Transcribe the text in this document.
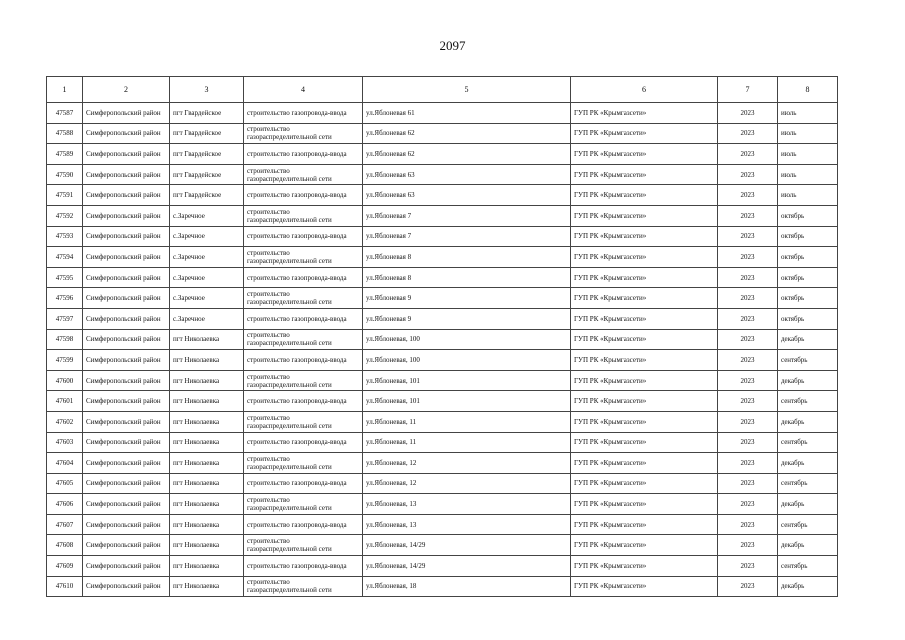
2097
1	2	3	4	5	6	7	8
47587	Симферопольский район	пгт Гвардейское	строительство газопровода-ввода	ул.Яблоневая 61	ГУП РК «Крымгазсети»	2023	июль
47588	Симферопольский район	пгт Гвардейское	строительство газораспределительной сети	ул.Яблоневая 62	ГУП РК «Крымгазсети»	2023	июль
47589	Симферопольский район	пгт Гвардейское	строительство газопровода-ввода	ул.Яблоневая 62	ГУП РК «Крымгазсети»	2023	июль
47590	Симферопольский район	пгт Гвардейское	строительство газораспределительной сети	ул.Яблоневая 63	ГУП РК «Крымгазсети»	2023	июль
47591	Симферопольский район	пгт Гвардейское	строительство газопровода-ввода	ул.Яблоневая 63	ГУП РК «Крымгазсети»	2023	июль
47592	Симферопольский район	с.Заречное	строительство газораспределительной сети	ул.Яблоневая 7	ГУП РК «Крымгазсети»	2023	октябрь
47593	Симферопольский район	с.Заречное	строительство газопровода-ввода	ул.Яблоневая 7	ГУП РК «Крымгазсети»	2023	октябрь
47594	Симферопольский район	с.Заречное	строительство газораспределительной сети	ул.Яблоневая 8	ГУП РК «Крымгазсети»	2023	октябрь
47595	Симферопольский район	с.Заречное	строительство газопровода-ввода	ул.Яблоневая 8	ГУП РК «Крымгазсети»	2023	октябрь
47596	Симферопольский район	с.Заречное	строительство газораспределительной сети	ул.Яблоневая 9	ГУП РК «Крымгазсети»	2023	октябрь
47597	Симферопольский район	с.Заречное	строительство газопровода-ввода	ул.Яблоневая 9	ГУП РК «Крымгазсети»	2023	октябрь
47598	Симферопольский район	пгт Николаевка	строительство газораспределительной сети	ул.Яблоневая, 100	ГУП РК «Крымгазсети»	2023	декабрь
47599	Симферопольский район	пгт Николаевка	строительство газопровода-ввода	ул.Яблоневая, 100	ГУП РК «Крымгазсети»	2023	сентябрь
47600	Симферопольский район	пгт Николаевка	строительство газораспределительной сети	ул.Яблоневая, 101	ГУП РК «Крымгазсети»	2023	декабрь
47601	Симферопольский район	пгт Николаевка	строительство газопровода-ввода	ул.Яблоневая, 101	ГУП РК «Крымгазсети»	2023	сентябрь
47602	Симферопольский район	пгт Николаевка	строительство газораспределительной сети	ул.Яблоневая, 11	ГУП РК «Крымгазсети»	2023	декабрь
47603	Симферопольский район	пгт Николаевка	строительство газопровода-ввода	ул.Яблоневая, 11	ГУП РК «Крымгазсети»	2023	сентябрь
47604	Симферопольский район	пгт Николаевка	строительство газораспределительной сети	ул.Яблоневая, 12	ГУП РК «Крымгазсети»	2023	декабрь
47605	Симферопольский район	пгт Николаевка	строительство газопровода-ввода	ул.Яблоневая, 12	ГУП РК «Крымгазсети»	2023	сентябрь
47606	Симферопольский район	пгт Николаевка	строительство газораспределительной сети	ул.Яблоневая, 13	ГУП РК «Крымгазсети»	2023	декабрь
47607	Симферопольский район	пгт Николаевка	строительство газопровода-ввода	ул.Яблоневая, 13	ГУП РК «Крымгазсети»	2023	сентябрь
47608	Симферопольский район	пгт Николаевка	строительство газораспределительной сети	ул.Яблоневая, 14/29	ГУП РК «Крымгазсети»	2023	декабрь
47609	Симферопольский район	пгт Николаевка	строительство газопровода-ввода	ул.Яблоневая, 14/29	ГУП РК «Крымгазсети»	2023	сентябрь
47610	Симферопольский район	пгт Николаевка	строительство газораспределительной сети	ул.Яблоневая, 18	ГУП РК «Крымгазсети»	2023	декабрь
